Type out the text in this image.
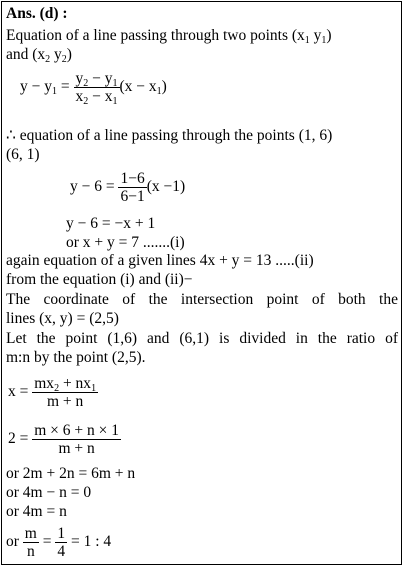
Ans. (d) :
Equation of a line passing through two points ($x_1$ $y_1$)
and ($x_2$ $y_2$)
$y - y_1 = \frac{y_2 - y_1}{x_2 - x_1} (x - x_1)$
∴ equation of a line passing through the points (1, 6)
(6, 1)
$y - 6 = \frac{1-6}{6-1} (x -1)$
y − 6 = −x + 1
or x + y = 7 .......(i)
again equation of a given lines 4x + y = 13 .....(ii)
from the equation (i) and (ii)−
The coordinate of the intersection point of both the
lines (x, y) = (2,5)
Let the point (1,6) and (6,1) is divided in the ratio of
m:n by the point (2,5).
$x = \frac{mx_2 + nx_1}{m + n}$
$2 = \frac{m \times 6 + n \times 1}{m + n}$
or 2m + 2n = 6m + n
or 4m − n = 0
or 4m = n
or $\frac{m}{n} = \frac{1}{4} = 1$ : 4
